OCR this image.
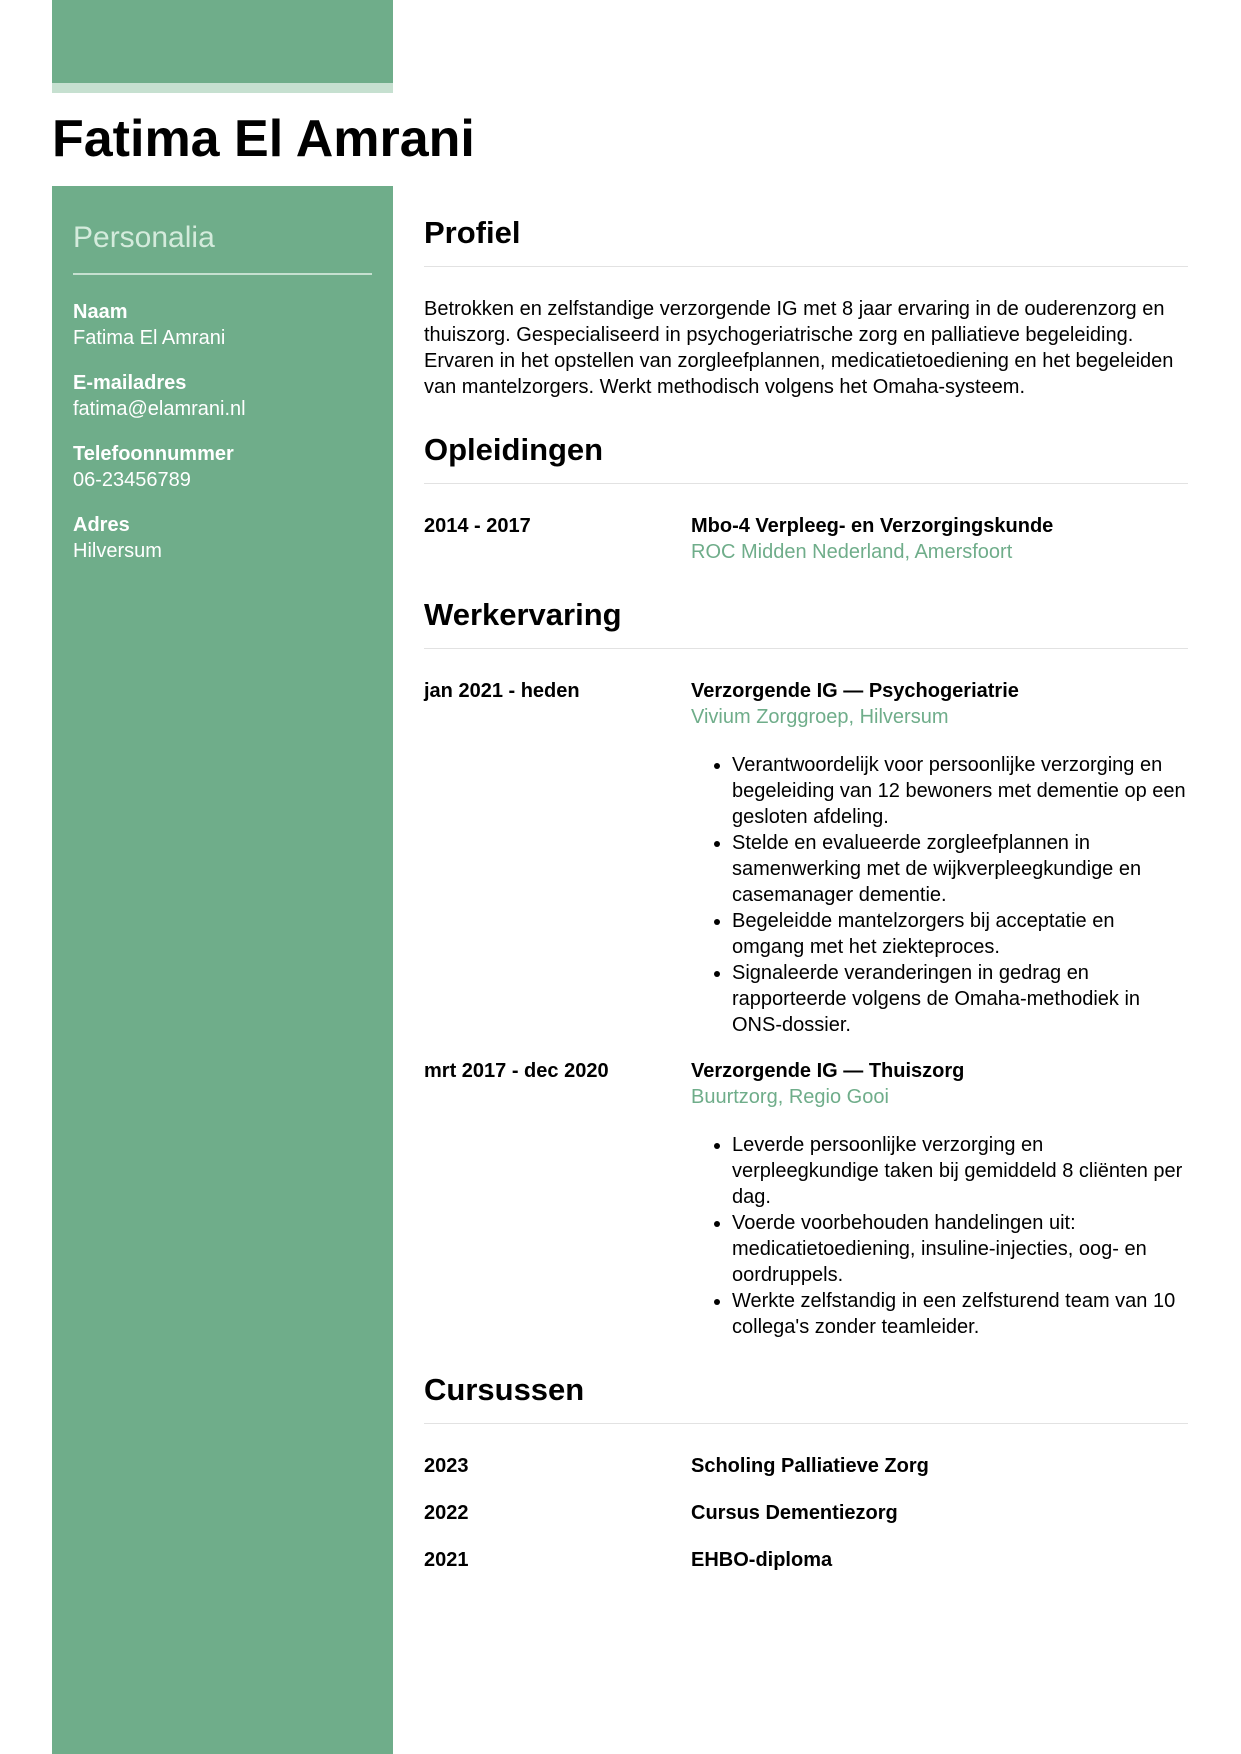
Fatima El Amrani
Personalia
Naam
Fatima El Amrani
E-mailadres
fatima@elamrani.nl
Telefoonnummer
06-23456789
Adres
Hilversum
Profiel

Betrokken en zelfstandige verzorgende IG met 8 jaar ervaring in de ouderenzorg en thuiszorg. Gespecialiseerd in psychogeriatrische zorg en palliatieve begeleiding. Ervaren in het opstellen van zorgleefplannen, medicatietoediening en het begeleiden van mantelzorgers. Werkt methodisch volgens het Omaha-systeem.

Opleidingen
2014 - 2017	Mbo-4 Verpleeg- en Verzorgingskunde
ROC Midden Nederland, Amersfoort
Werkervaring
jan 2021 - heden	Verzorgende IG — Psychogeriatrie
Vivium Zorggroep, Hilversum
• Verantwoordelijk voor persoonlijke verzorging en begeleiding van 12 bewoners met dementie op een gesloten afdeling.
• Stelde en evalueerde zorgleefplannen in samenwerking met de wijkverpleegkundige en casemanager dementie.
• Begeleidde mantelzorgers bij acceptatie en omgang met het ziekteproces.
• Signaleerde veranderingen in gedrag en rapporteerde volgens de Omaha-methodiek in ONS-dossier.
mrt 2017 - dec 2020	Verzorgende IG — Thuiszorg
Buurtzorg, Regio Gooi
• Leverde persoonlijke verzorging en verpleegkundige taken bij gemiddeld 8 cliënten per dag.
• Voerde voorbehouden handelingen uit: medicatietoediening, insuline-injecties, oog- en oordruppels.
• Werkte zelfstandig in een zelfsturend team van 10 collega's zonder teamleider.
Cursussen
2023	Scholing Palliatieve Zorg
2022	Cursus Dementiezorg
2021	EHBO-diploma
